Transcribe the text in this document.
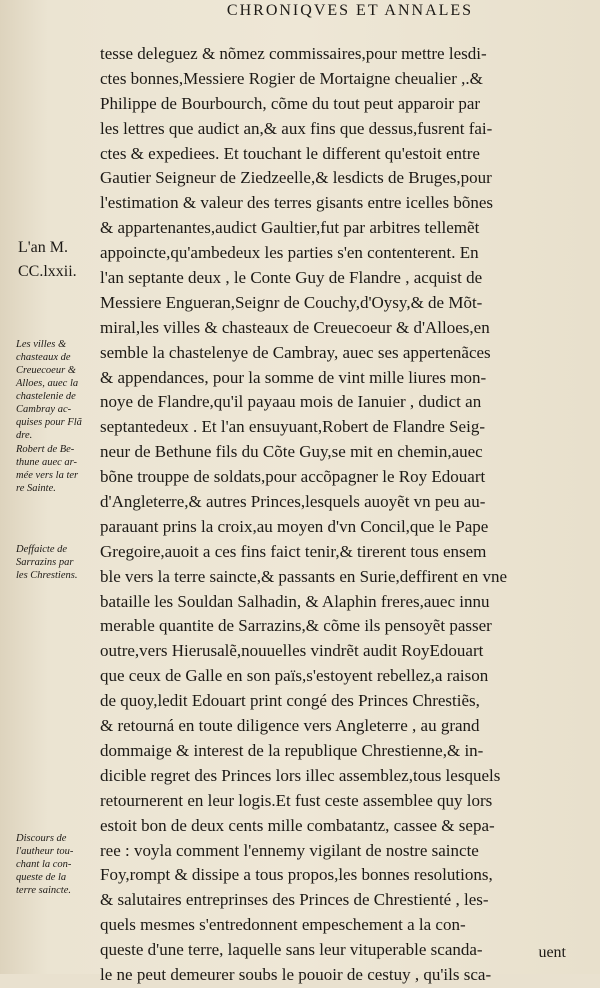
CHRONIQVES ET ANNALES
L'an M.
CC.lxxii.
Les villes &
chasteaux de
Creuecoeur &
Alloes, auec la
chastelenie de
Cambray ac-
quises pour Flã
dre.
Robert de Be-
thune auec ar-
mée vers la ter
re Sainte.
Deffaicte de
Sarrazins par
les Chrestiens.
Discours de
l'autheur tou-
chant la con-
queste de la
terre saincte.
tesse deleguez & nõmez commissaires,pour mettre lesdi-
ctes bonnes,Messiere Rogier de Mortaigne cheualier ,.&
Philippe de Bourbourch, cõme du tout peut apparoir par
les lettres que audict an,& aux fins que dessus,fusrent fai-
ctes & expediees. Et touchant le different qu'estoit entre
Gautier Seigneur de Ziedzeelle,& lesdicts de Bruges,pour
l'estimation & valeur des terres gisants entre icelles bõnes
& appartenantes,audict Gaultier,fut par arbitres tellemẽt
appoincte,qu'ambedeux les parties s'en contenterent. En
l'an septante deux , le Conte Guy de Flandre , acquist de
Messiere Engueran,Seignr de Couchy,d'Oysy,& de Mõt-
miral,les villes & chasteaux de Creuecoeur & d'Alloes,en
semble la chastelenye de Cambray, auec ses appertenãces
& appendances, pour la somme de vint mille liures mon-
noye de Flandre,qu'il payaau mois de Ianuier , dudict an
septantedeux . Et l'an ensuyuant,Robert de Flandre Seig-
neur de Bethune fils du Cõte Guy,se mit en chemin,auec
bõne trouppe de soldats,pour accõpagner le Roy Edouart
d'Angleterre,& autres Princes,lesquels auoyẽt vn peu au-
parauant prins la croix,au moyen d'vn Concil,que le Pape
Gregoire,auoit a ces fins faict tenir,& tirerent tous ensem
ble vers la terre saincte,& passants en Surie,deffirent en vne
bataille les Souldan Salhadin, & Alaphin freres,auec innu
merable quantite de Sarrazins,& cõme ils pensoyẽt passer
outre,vers Hierusalẽ,nouuelles vindrẽt audit RoyEdouart
que ceux de Galle en son païs,s'estoyent rebellez,a raison
de quoy,ledit Edouart print congé des Princes Chrestiẽs,
& retourná en toute diligence vers Angleterre , au grand
dommaige & interest de la republique Chrestienne,& in-
dicible regret des Princes lors illec assemblez,tous lesquels
retournerent en leur logis.Et fust ceste assemblee quy lors
estoit bon de deux cents mille combatantz, cassee & sepa-
ree : voyla comment l'ennemy vigilant de nostre saincte
Foy,rompt & dissipe a tous propos,les bonnes resolutions,
& salutaires entreprinses des Princes de Chrestienté , les-
quels mesmes s'entredonnent empeschement a la con-
queste d'une terre, laquelle sans leur vituperable scanda-
le ne peut demeurer soubs le pouoir de cestuy , qu'ils sca-
uent
